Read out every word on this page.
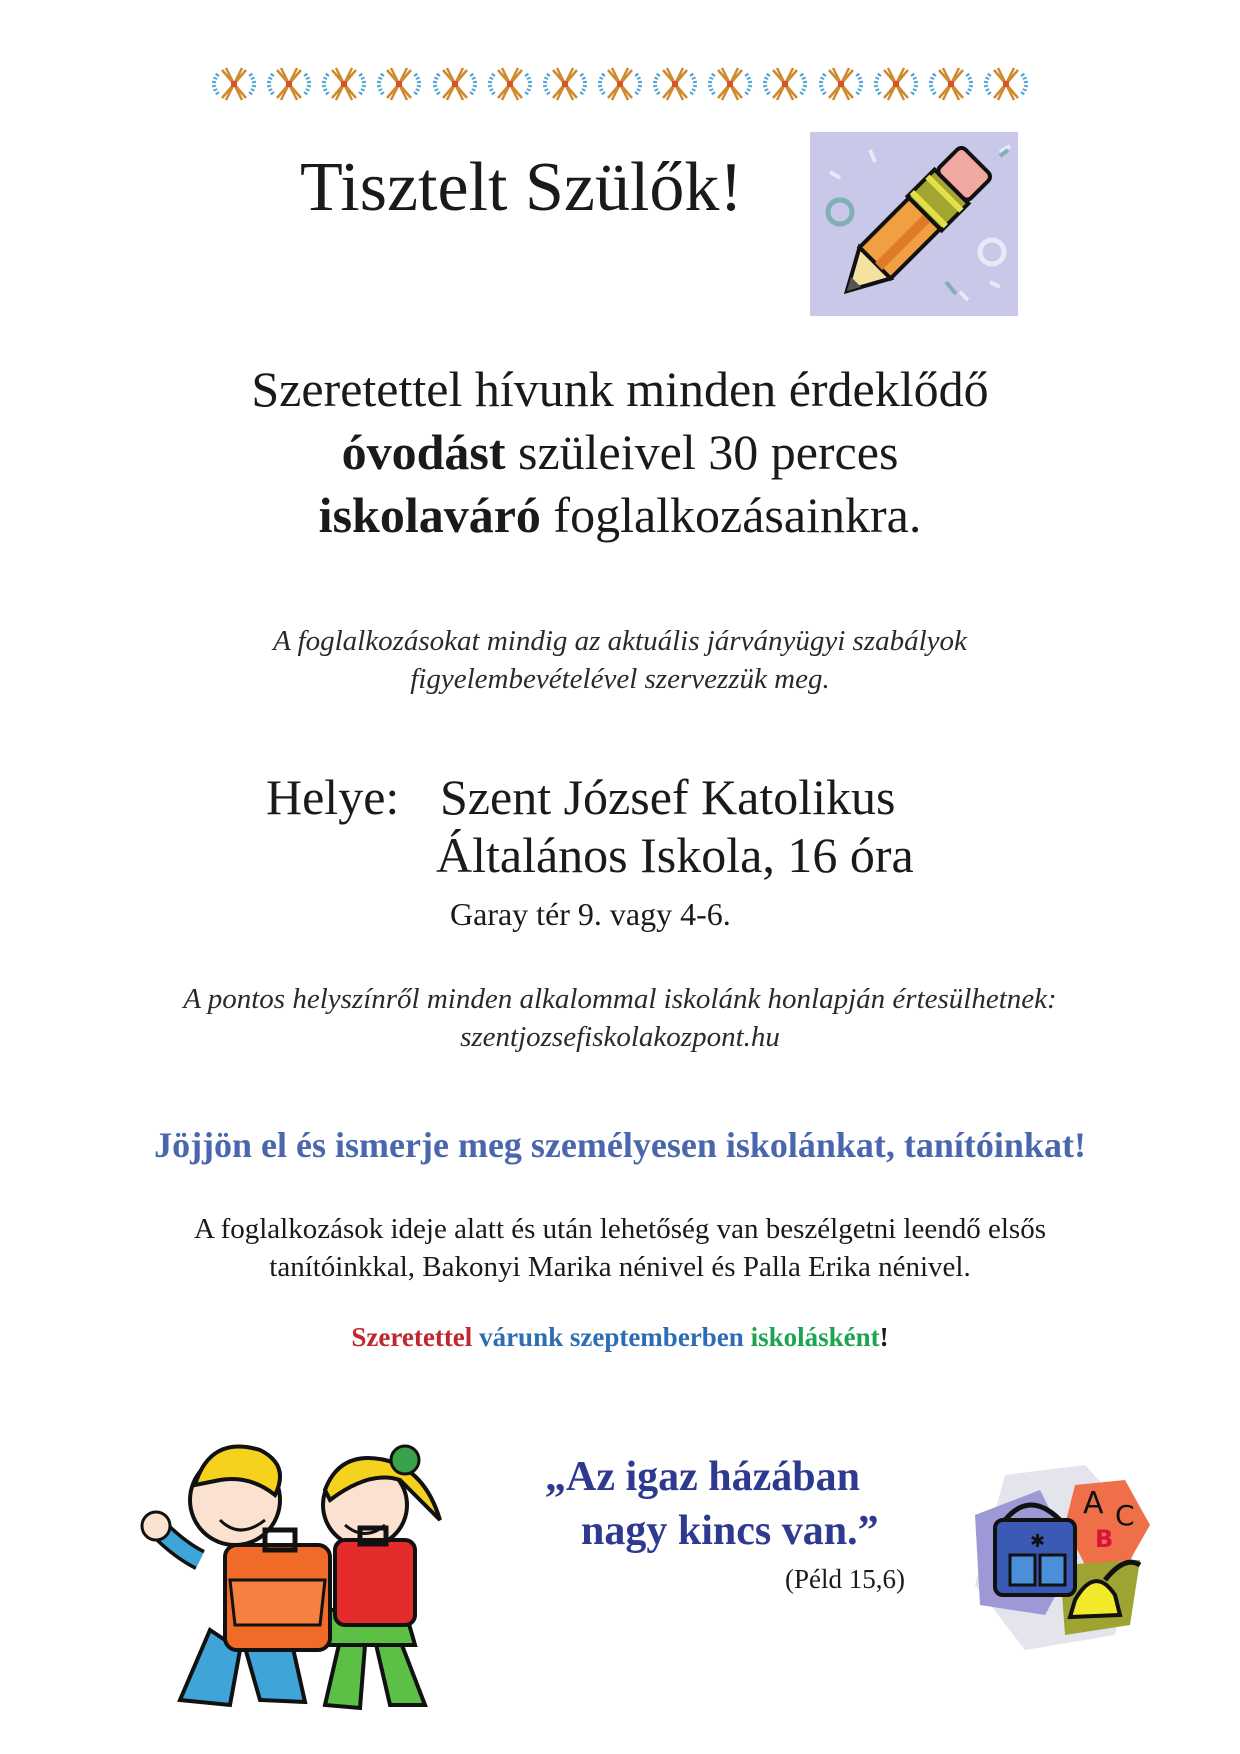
Tisztelt Szülők!
Szeretettel hívunk minden érdeklődő
óvodást szüleivel 30 perces
iskolaváró foglalkozásainkra.
A foglalkozásokat mindig az aktuális járványügyi szabályok
figyelembevételével szervezzük meg.
Helye: Szent József Katolikus
Általános Iskola, 16 óra
Garay tér 9. vagy 4-6.
A pontos helyszínről minden alkalommal iskolánk honlapján értesülhetnek:
szentjozsefiskolakozpont.hu
Jöjjön el és ismerje meg személyesen iskolánkat, tanítóinkat!
A foglalkozások ideje alatt és után lehetőség van beszélgetni leendő elsős
tanítóinkkal, Bakonyi Marika nénivel és Palla Erika nénivel.
Szeretettel várunk szeptemberben iskolásként!
„Az igaz házában
nagy kincs van.”
(Péld 15,6)
✱
A C
B
